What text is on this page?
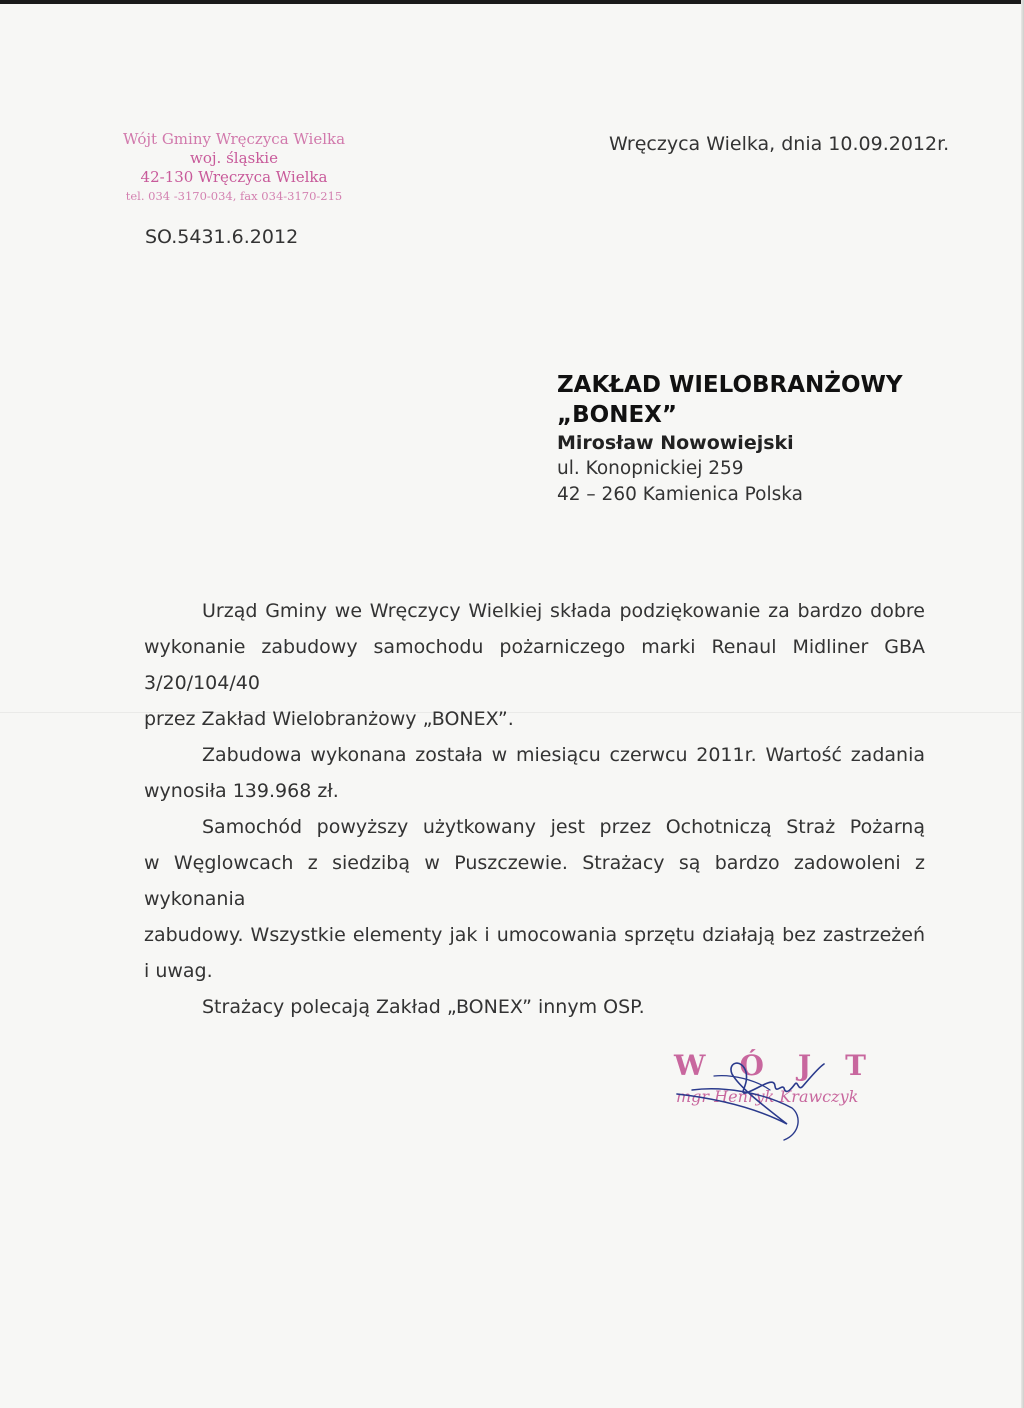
Wójt Gminy Wręczyca Wielka
woj. śląskie
42-130 Wręczyca Wielka
tel. 034 -3170-034, fax 034-3170-215
Wręczyca Wielka, dnia 10.09.2012r.
SO.5431.6.2012
ZAKŁAD WIELOBRANŻOWY
„BONEX”
Mirosław Nowowiejski
ul. Konopnickiej 259
42 – 260 Kamienica Polska

Urząd Gminy we Wręczycy Wielkiej składa podziękowanie za bardzo dobre

wykonanie zabudowy samochodu pożarniczego marki Renaul Midliner GBA 3/20/104/40

przez Zakład Wielobranżowy „BONEX”.

Zabudowa wykonana została w miesiącu czerwcu 2011r. Wartość zadania

wynosiła 139.968 zł.

Samochód powyższy użytkowany jest przez Ochotniczą Straż Pożarną

w Węglowcach z siedzibą w Puszczewie. Strażacy są bardzo zadowoleni z wykonania

zabudowy. Wszystkie elementy jak i umocowania sprzętu działają bez zastrzeżeń

i uwag.

Strażacy polecają Zakład „BONEX” innym OSP.

WÓJT
mgr Henryk Krawczyk
